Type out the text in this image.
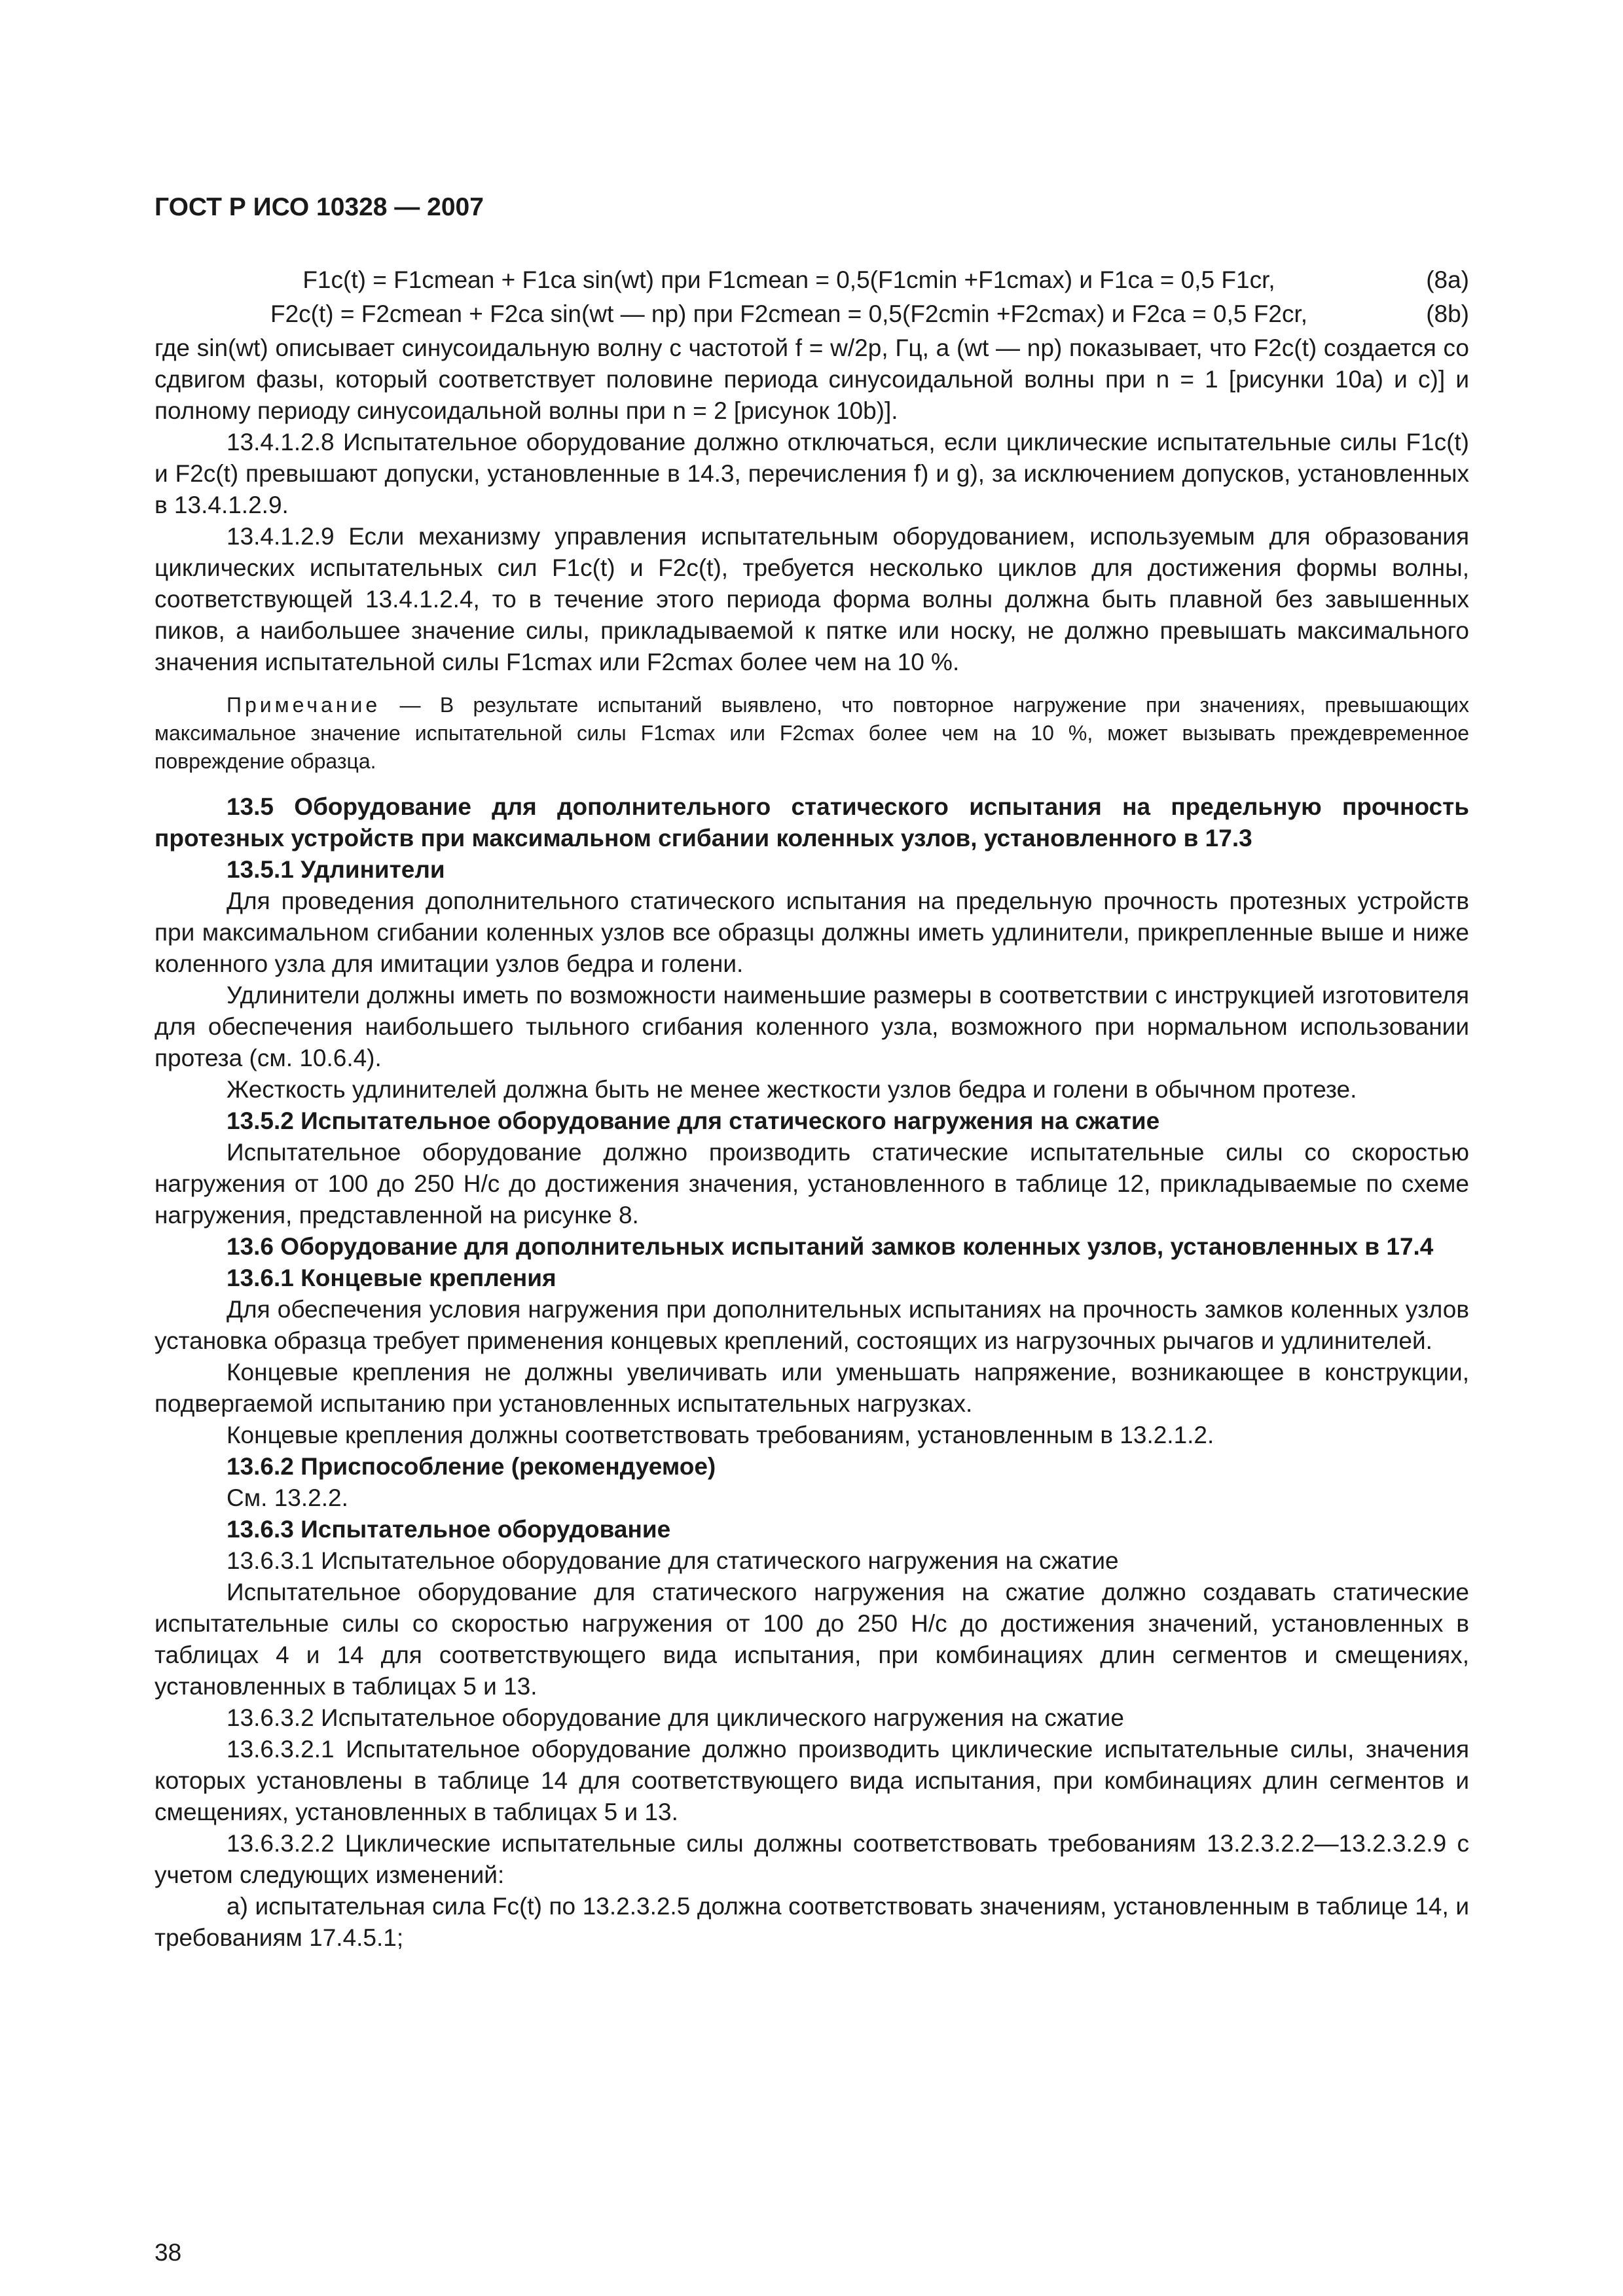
ГОСТ Р ИСО 10328 — 2007
F1c(t) = F1cmean + F1ca sin(wt) при F1cmean = 0,5(F1cmin +F1cmax) и F1ca = 0,5 F1cr,	(8a)
F2c(t) = F2cmean + F2ca sin(wt — np) при F2cmean = 0,5(F2cmin +F2cmax) и F2ca = 0,5 F2cr,	(8b)

где sin(wt) описывает синусоидальную волну с частотой f = w/2p, Гц, а (wt — np) показывает, что F2c(t) создается со сдвигом фазы, который соответствует половине периода синусоидальной волны при n = 1 [рисунки 10a) и c)] и полному периоду синусоидальной волны при n = 2 [рисунок 10b)].

13.4.1.2.8 Испытательное оборудование должно отключаться, если циклические испытательные силы F1c(t) и F2c(t) превышают допуски, установленные в 14.3, перечисления f) и g), за исключением допусков, установленных в 13.4.1.2.9.

13.4.1.2.9 Если механизму управления испытательным оборудованием, используемым для образования циклических испытательных сил F1c(t) и F2c(t), требуется несколько циклов для достижения формы волны, соответствующей 13.4.1.2.4, то в течение этого периода форма волны должна быть плавной без завышенных пиков, а наибольшее значение силы, прикладываемой к пятке или носку, не должно превышать максимального значения испытательной силы F1cmax или F2cmax более чем на 10 %.

Примечание — В результате испытаний выявлено, что повторное нагружение при значениях, превышающих максимальное значение испытательной силы F1cmax или F2cmax более чем на 10 %, может вызывать преждевременное повреждение образца.

13.5 Оборудование для дополнительного статического испытания на предельную прочность протезных устройств при максимальном сгибании коленных узлов, установленного в 17.3

13.5.1 Удлинители

Для проведения дополнительного статического испытания на предельную прочность протезных устройств при максимальном сгибании коленных узлов все образцы должны иметь удлинители, прикрепленные выше и ниже коленного узла для имитации узлов бедра и голени.

Удлинители должны иметь по возможности наименьшие размеры в соответствии с инструкцией изготовителя для обеспечения наибольшего тыльного сгибания коленного узла, возможного при нормальном использовании протеза (см. 10.6.4).

Жесткость удлинителей должна быть не менее жесткости узлов бедра и голени в обычном протезе.

13.5.2 Испытательное оборудование для статического нагружения на сжатие

Испытательное оборудование должно производить статические испытательные силы со скоростью нагружения от 100 до 250 Н/с до достижения значения, установленного в таблице 12, прикладываемые по схеме нагружения, представленной на рисунке 8.

13.6 Оборудование для дополнительных испытаний замков коленных узлов, установленных в 17.4

13.6.1 Концевые крепления

Для обеспечения условия нагружения при дополнительных испытаниях на прочность замков коленных узлов установка образца требует применения концевых креплений, состоящих из нагрузочных рычагов и удлинителей.

Концевые крепления не должны увеличивать или уменьшать напряжение, возникающее в конструкции, подвергаемой испытанию при установленных испытательных нагрузках.

Концевые крепления должны соответствовать требованиям, установленным в 13.2.1.2.

13.6.2 Приспособление (рекомендуемое)

См. 13.2.2.

13.6.3 Испытательное оборудование

13.6.3.1 Испытательное оборудование для статического нагружения на сжатие

Испытательное оборудование для статического нагружения на сжатие должно создавать статические испытательные силы со скоростью нагружения от 100 до 250 Н/с до достижения значений, установленных в таблицах 4 и 14 для соответствующего вида испытания, при комбинациях длин сегментов и смещениях, установленных в таблицах 5 и 13.

13.6.3.2 Испытательное оборудование для циклического нагружения на сжатие

13.6.3.2.1 Испытательное оборудование должно производить циклические испытательные силы, значения которых установлены в таблице 14 для соответствующего вида испытания, при комбинациях длин сегментов и смещениях, установленных в таблицах 5 и 13.

13.6.3.2.2 Циклические испытательные силы должны соответствовать требованиям 13.2.3.2.2—13.2.3.2.9 с учетом следующих изменений:

а) испытательная сила Fc(t) по 13.2.3.2.5 должна соответствовать значениям, установленным в таблице 14, и требованиям 17.4.5.1;

38
